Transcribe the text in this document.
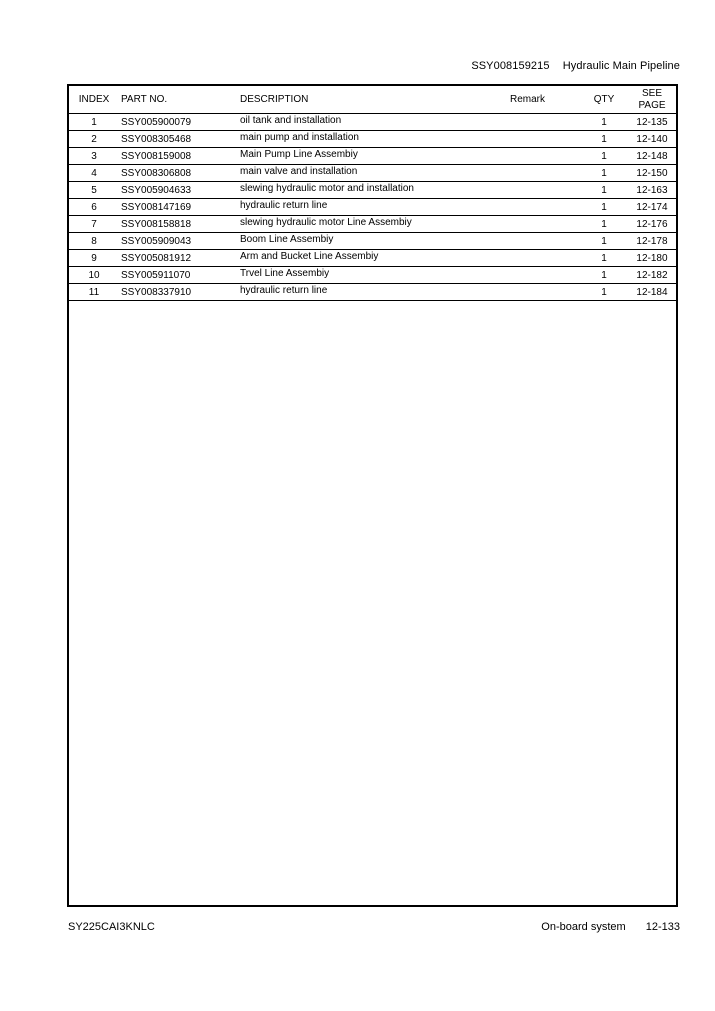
SSY008159215 Hydraulic Main Pipeline
INDEX	PART NO.	DESCRIPTION	Remark	QTY	SEE
PAGE
1	SSY005900079	oil tank and installation		1	12-135
2	SSY008305468	main pump and installation		1	12-140
3	SSY008159008	Main Pump Line Assembiy		1	12-148
4	SSY008306808	main valve and installation		1	12-150
5	SSY005904633	slewing hydraulic motor and installation		1	12-163
6	SSY008147169	hydraulic return line		1	12-174
7	SSY008158818	slewing hydraulic motor Line Assembiy		1	12-176
8	SSY005909043	Boom Line Assembiy		1	12-178
9	SSY005081912	Arm and Bucket Line Assembiy		1	12-180
10	SSY005911070	Trvel Line Assembiy		1	12-182
11	SSY008337910	hydraulic return line		1	12-184
SY225CAI3KNLC	On-board system 12-133
